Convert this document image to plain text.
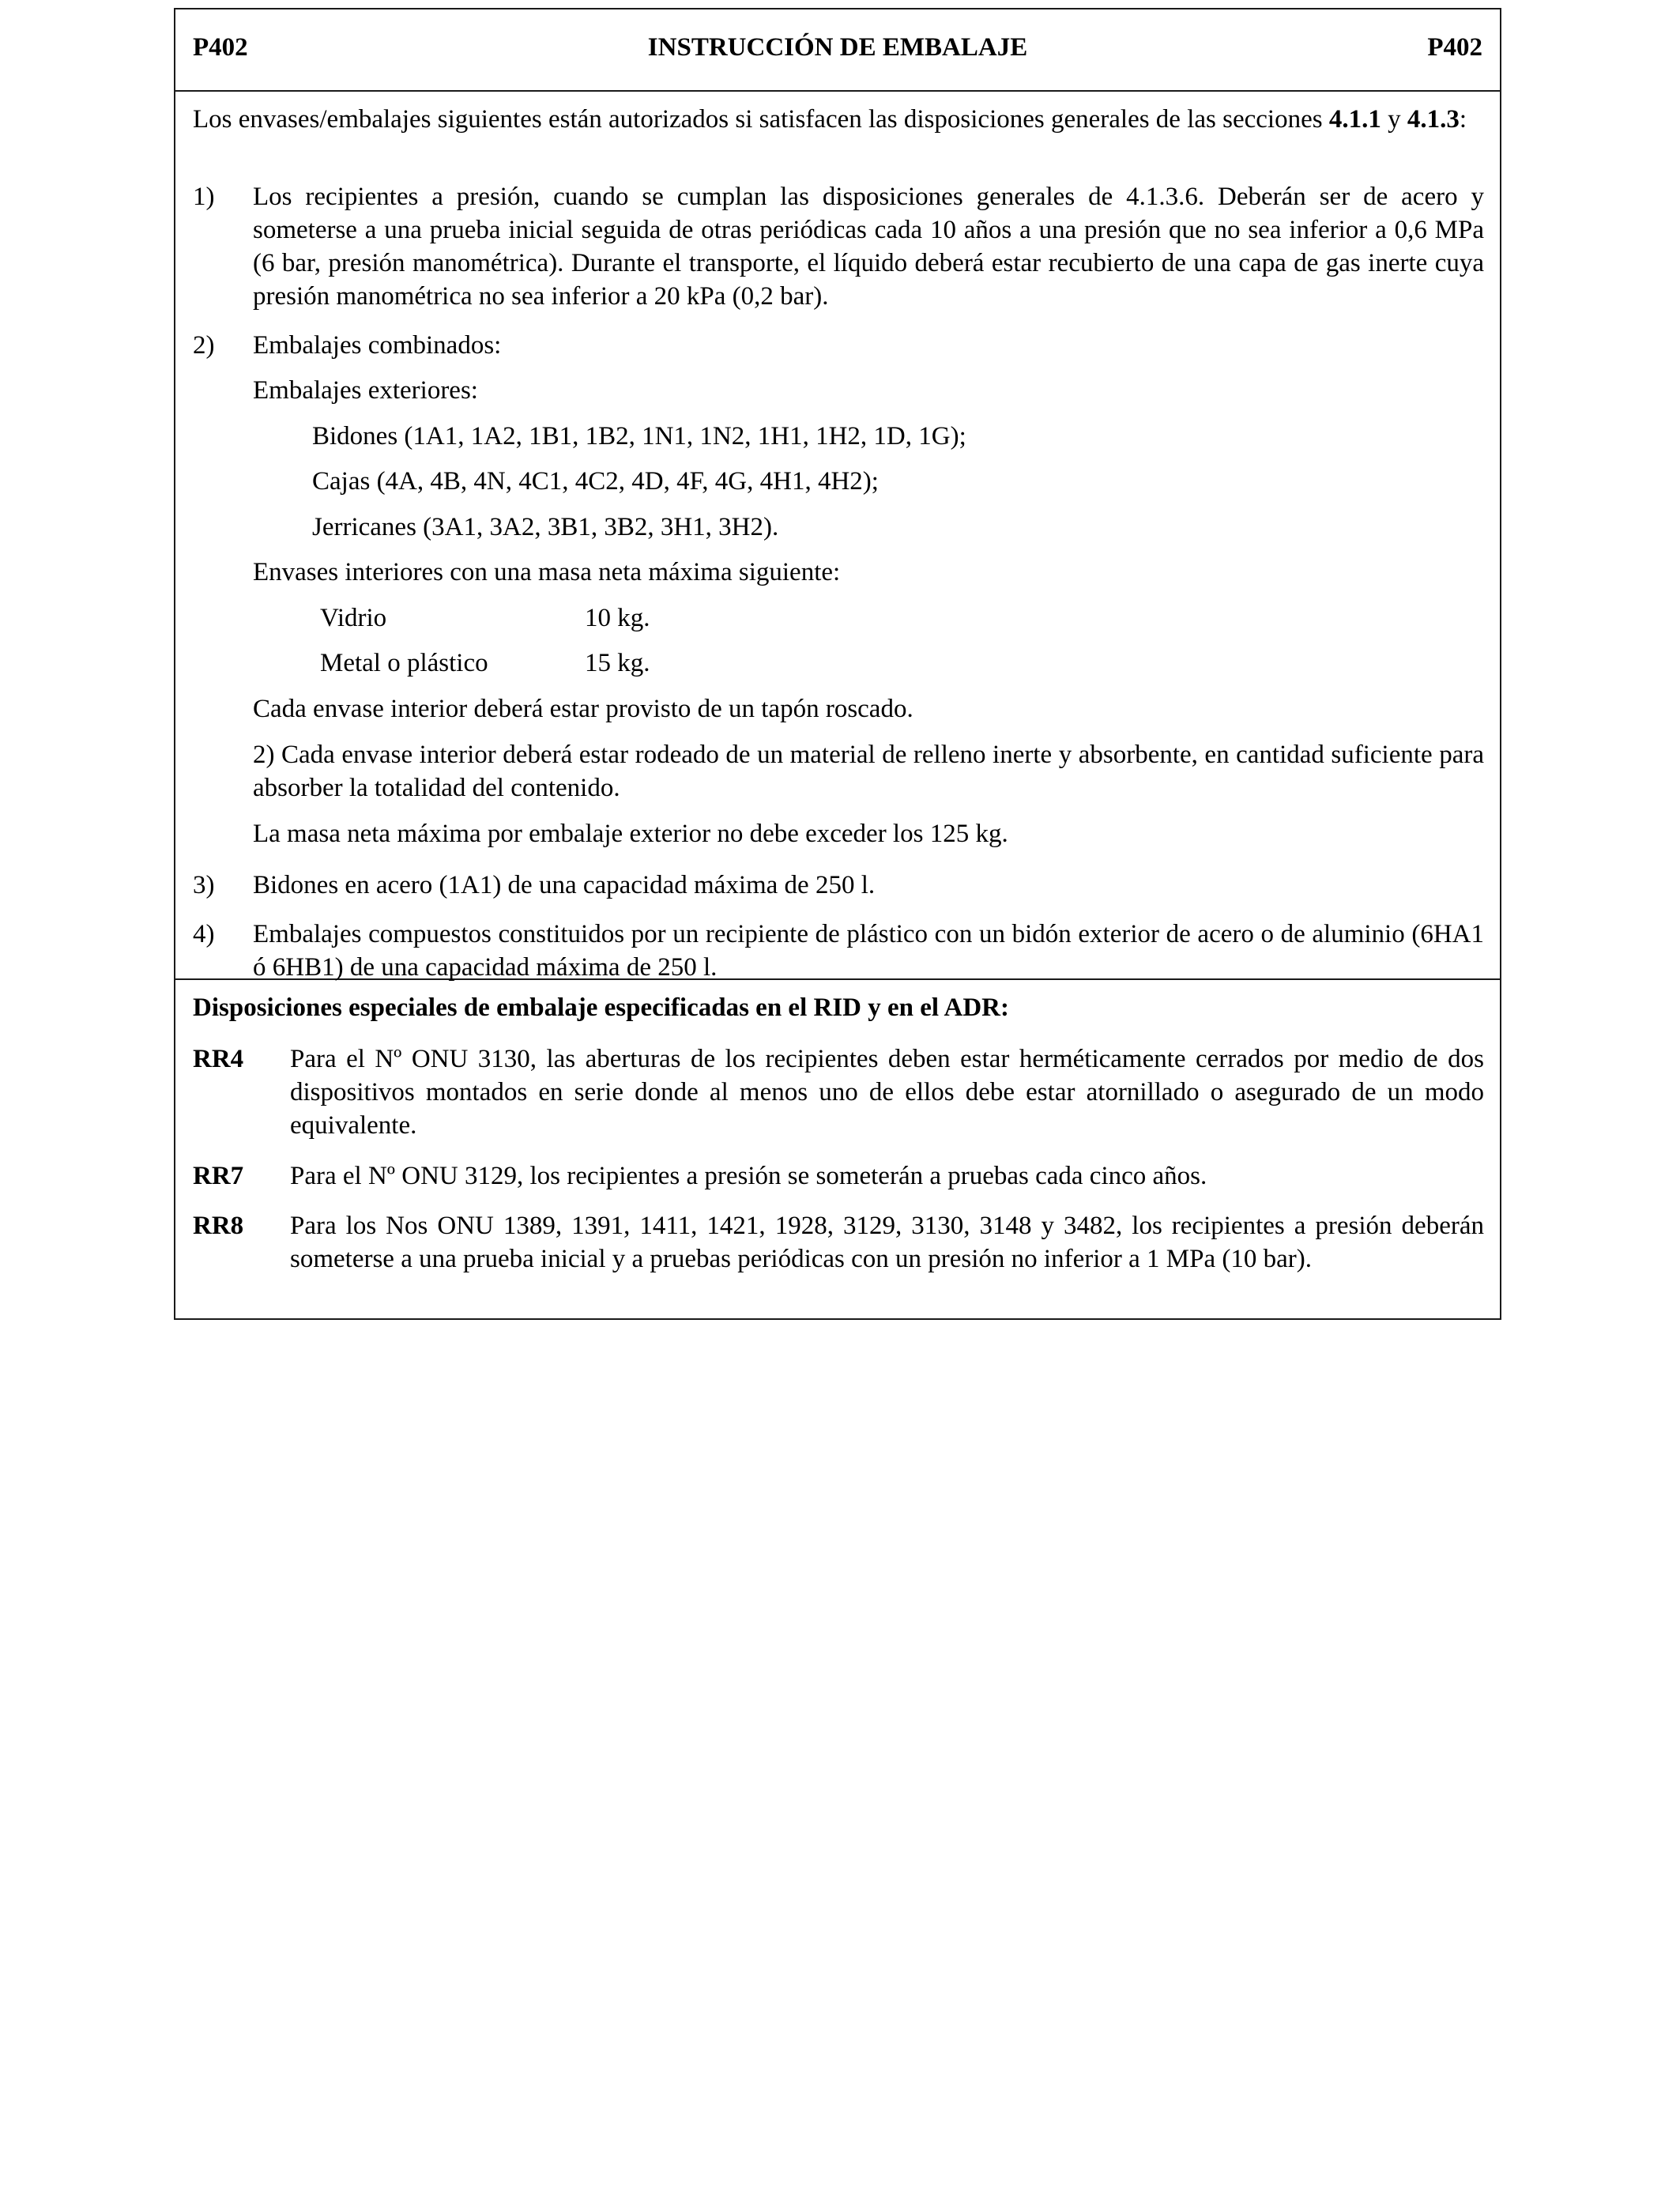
P402	INSTRUCCIÓN DE EMBALAJE	P402
Los envases/embalajes siguientes están autorizados si satisfacen las disposiciones generales de las secciones 4.1.1 y 4.1.3:
1) Los recipientes a presión, cuando se cumplan las disposiciones generales de 4.1.3.6. Deberán ser de acero y someterse a una prueba inicial seguida de otras periódicas cada 10 años a una presión que no sea inferior a 0,6 MPa (6 bar, presión manométrica). Durante el transporte, el líquido deberá estar recubierto de una capa de gas inerte cuya presión manométrica no sea inferior a 20 kPa (0,2 bar).
2) Embalajes combinados:
Embalajes exteriores:
Bidones (1A1, 1A2, 1B1, 1B2, 1N1, 1N2, 1H1, 1H2, 1D, 1G);
Cajas (4A, 4B, 4N, 4C1, 4C2, 4D, 4F, 4G, 4H1, 4H2);
Jerricanes (3A1, 3A2, 3B1, 3B2, 3H1, 3H2).
Envases interiores con una masa neta máxima siguiente:
Vidrio	10 kg.
Metal o plástico	15 kg.
Cada envase interior deberá estar provisto de un tapón roscado.
2) Cada envase interior deberá estar rodeado de un material de relleno inerte y absorbente, en cantidad suficiente para absorber la totalidad del contenido.
La masa neta máxima por embalaje exterior no debe exceder los 125 kg.
3) Bidones en acero (1A1) de una capacidad máxima de 250 l.
4) Embalajes compuestos constituidos por un recipiente de plástico con un bidón exterior de acero o de aluminio (6HA1 ó 6HB1) de una capacidad máxima de 250 l.
Disposiciones especiales de embalaje especificadas en el RID y en el ADR:
RR4 Para el Nº ONU 3130, las aberturas de los recipientes deben estar herméticamente cerrados por medio de dos dispositivos montados en serie donde al menos uno de ellos debe estar atornillado o asegurado de un modo equivalente.
RR7 Para el Nº ONU 3129, los recipientes a presión se someterán a pruebas cada cinco años.
RR8 Para los Nos ONU 1389, 1391, 1411, 1421, 1928, 3129, 3130, 3148 y 3482, los recipientes a presión deberán someterse a una prueba inicial y a pruebas periódicas con un presión no inferior a 1 MPa (10 bar).
